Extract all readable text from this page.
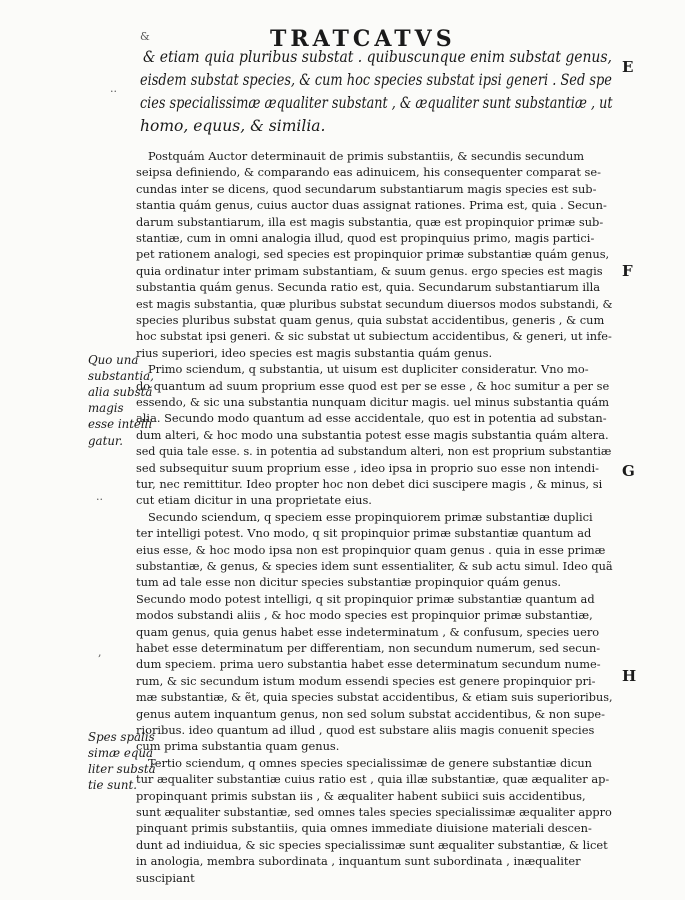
TRATCATVS
E
F
G
H
&
..
..
,
& etiam quia pluribus substat . quibuscunque enim substat genus,
eisdem substat species, & cum hoc species substat ipsi generi . Sed spe
cies specialissimæ æqualiter substant , & æqualiter sunt substantiæ , ut
homo, equus, & similia.
Postquám Auctor determinauit de primis substantiis, & secundis secundum
seipsa definiendo, & comparando eas adinuicem, his consequenter comparat se-
cundas inter se dicens, quod secundarum substantiarum magis species est sub-
stantia quám genus, cuius auctor duas assignat rationes. Prima est, quia . Secun-
darum substantiarum, illa est magis substantia, quæ est propinquior primæ sub-
stantiæ, cum in omni analogia illud, quod est propinquius primo, magis partici-
pet rationem analogi, sed species est propinquior primæ substantiæ quám genus,
quia ordinatur inter primam substantiam, & suum genus. ergo species est magis
substantia quám genus. Secunda ratio est, quia. Secundarum substantiarum illa
est magis substantia, quæ pluribus substat secundum diuersos modos substandi, &
species pluribus substat quam genus, quia substat accidentibus, generis , & cum
hoc substat ipsi generi. & sic substat ut subiectum accidentibus, & generi, ut infe-
rius superiori, ideo species est magis substantia quám genus.
Primo sciendum, q substantia, ut uisum est dupliciter consideratur. Vno mo-
do quantum ad suum proprium esse quod est per se esse , & hoc sumitur a per se
essendo, & sic una substantia nunquam dicitur magis. uel minus substantia quám
alia. Secundo modo quantum ad esse accidentale, quo est in potentia ad substan-
dum alteri, & hoc modo una substantia potest esse magis substantia quám altera.
sed quia tale esse. s. in potentia ad substandum alteri, non est proprium substantiæ
sed subsequitur suum proprium esse , ideo ipsa in proprio suo esse non intendi-
tur, nec remittitur. Ideo propter hoc non debet dici suscipere magis , & minus, si
cut etiam dicitur in una proprietate eius.
Secundo sciendum, q speciem esse propinquiorem primæ substantiæ duplici
ter intelligi potest. Vno modo, q sit propinquior primæ substantiæ quantum ad
eius esse, & hoc modo ipsa non est propinquior quam genus . quia in esse primæ
substantiæ, & genus, & species idem sunt essentialiter, & sub actu simul. Ideo quã
tum ad tale esse non dicitur species substantiæ propinquior quám genus.
Secundo modo potest intelligi, q sit propinquior primæ substantiæ quantum ad
modos substandi aliis , & hoc modo species est propinquior primæ substantiæ,
quam genus, quia genus habet esse indeterminatum , & confusum, species uero
habet esse determinatum per differentiam, non secundum numerum, sed secun-
dum speciem. prima uero substantia habet esse determinatum secundum nume-
rum, & sic secundum istum modum essendi species est genere propinquior pri-
mæ substantiæ, & ẽt, quia species substat accidentibus, & etiam suis superioribus,
genus autem inquantum genus, non sed solum substat accidentibus, & non supe-
rioribus. ideo quantum ad illud , quod est substare aliis magis conuenit species
cum prima substantia quam genus.
Tertio sciendum, q omnes species specialissimæ de genere substantiæ dicun
tur æqualiter substantiæ cuius ratio est , quia illæ substantiæ, quæ æqualiter ap-
propinquant primis substan iis , & æqualiter habent subiici suis accidentibus,
sunt æqualiter substantiæ, sed omnes tales species specialissimæ æqualiter appro
pinquant primis substantiis, quia omnes immediate diuisione materiali descen-
dunt ad indiuidua, & sic species specialissimæ sunt æqualiter substantiæ, & licet
in anologia, membra subordinata , inquantum sunt subordinata , inæqualiter
suscipiant
Quo una
substantia,
alia substã
magis
esse intelli
gatur.
Spes spalis
simæ equa
liter substã
tie sunt.
